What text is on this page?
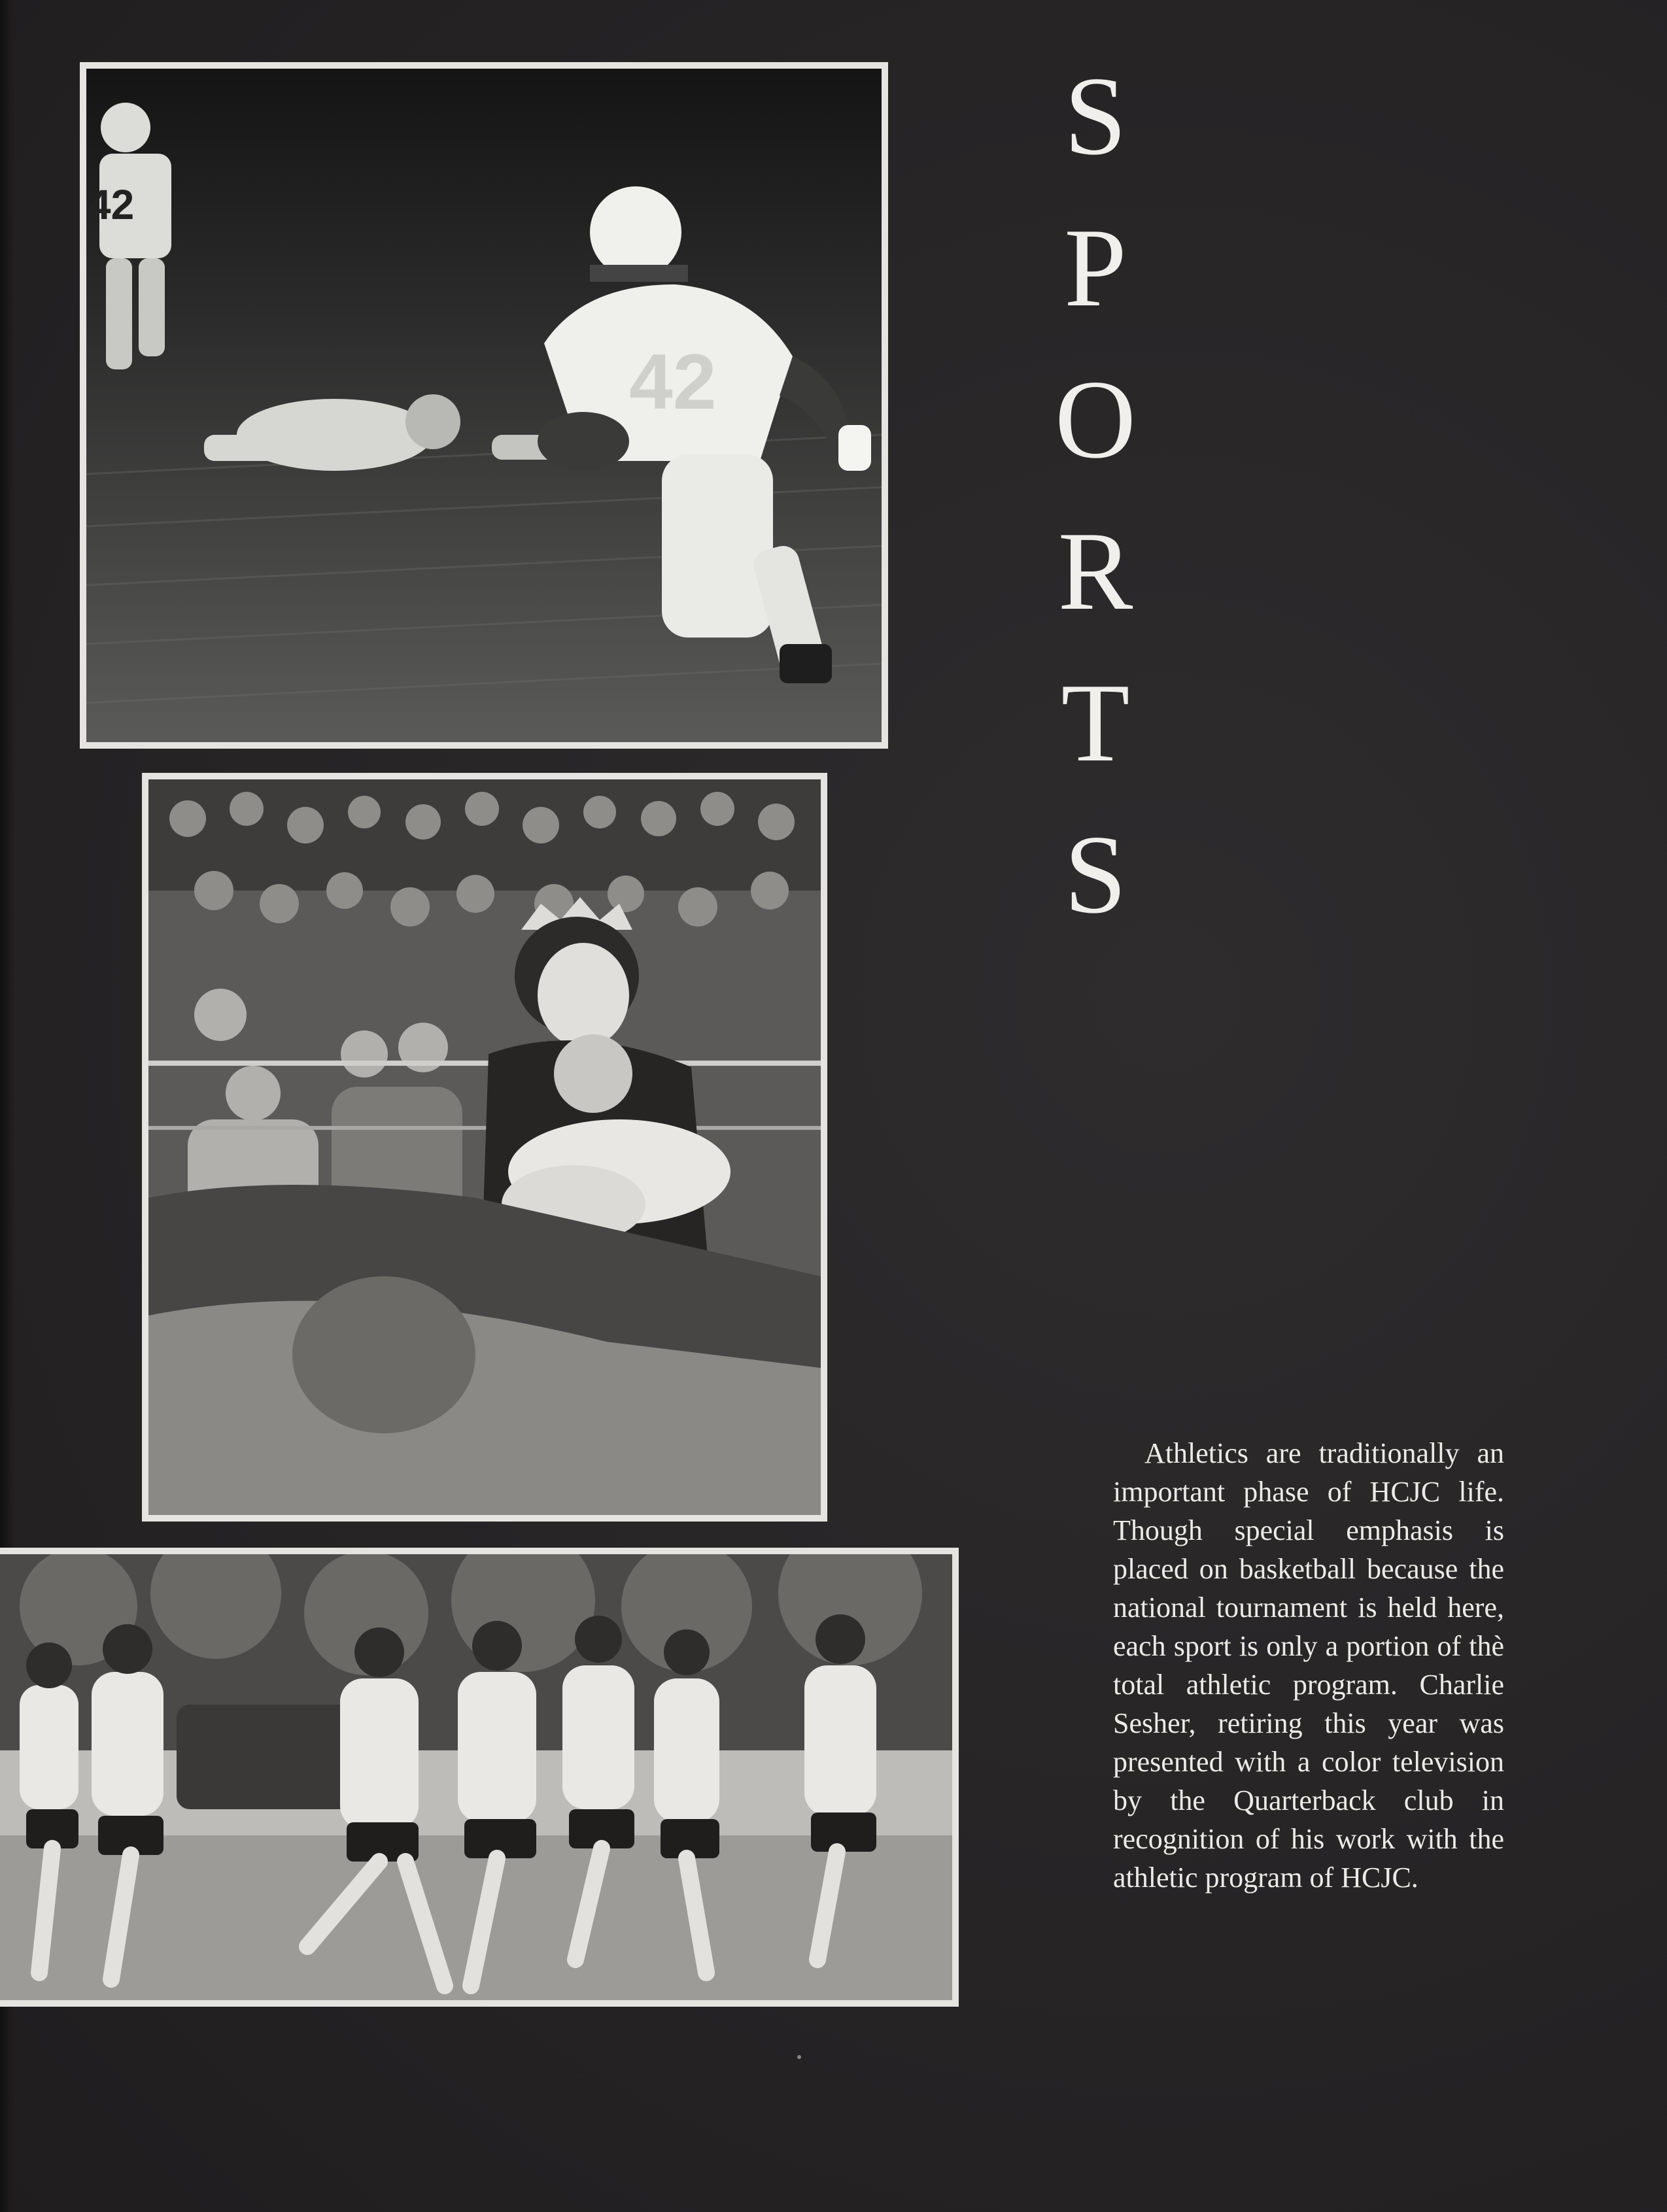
42
42
S
P
O
R
T
S

Athletics are traditionally an important phase of HCJC life. Though special emphasis is placed on basketball because the national tournament is held here, each sport is only a portion of thè total athletic program. Charlie Sesher, retiring this year was presented with a color television by the Quarterback club in recognition of his work with the athletic program of HCJC.
